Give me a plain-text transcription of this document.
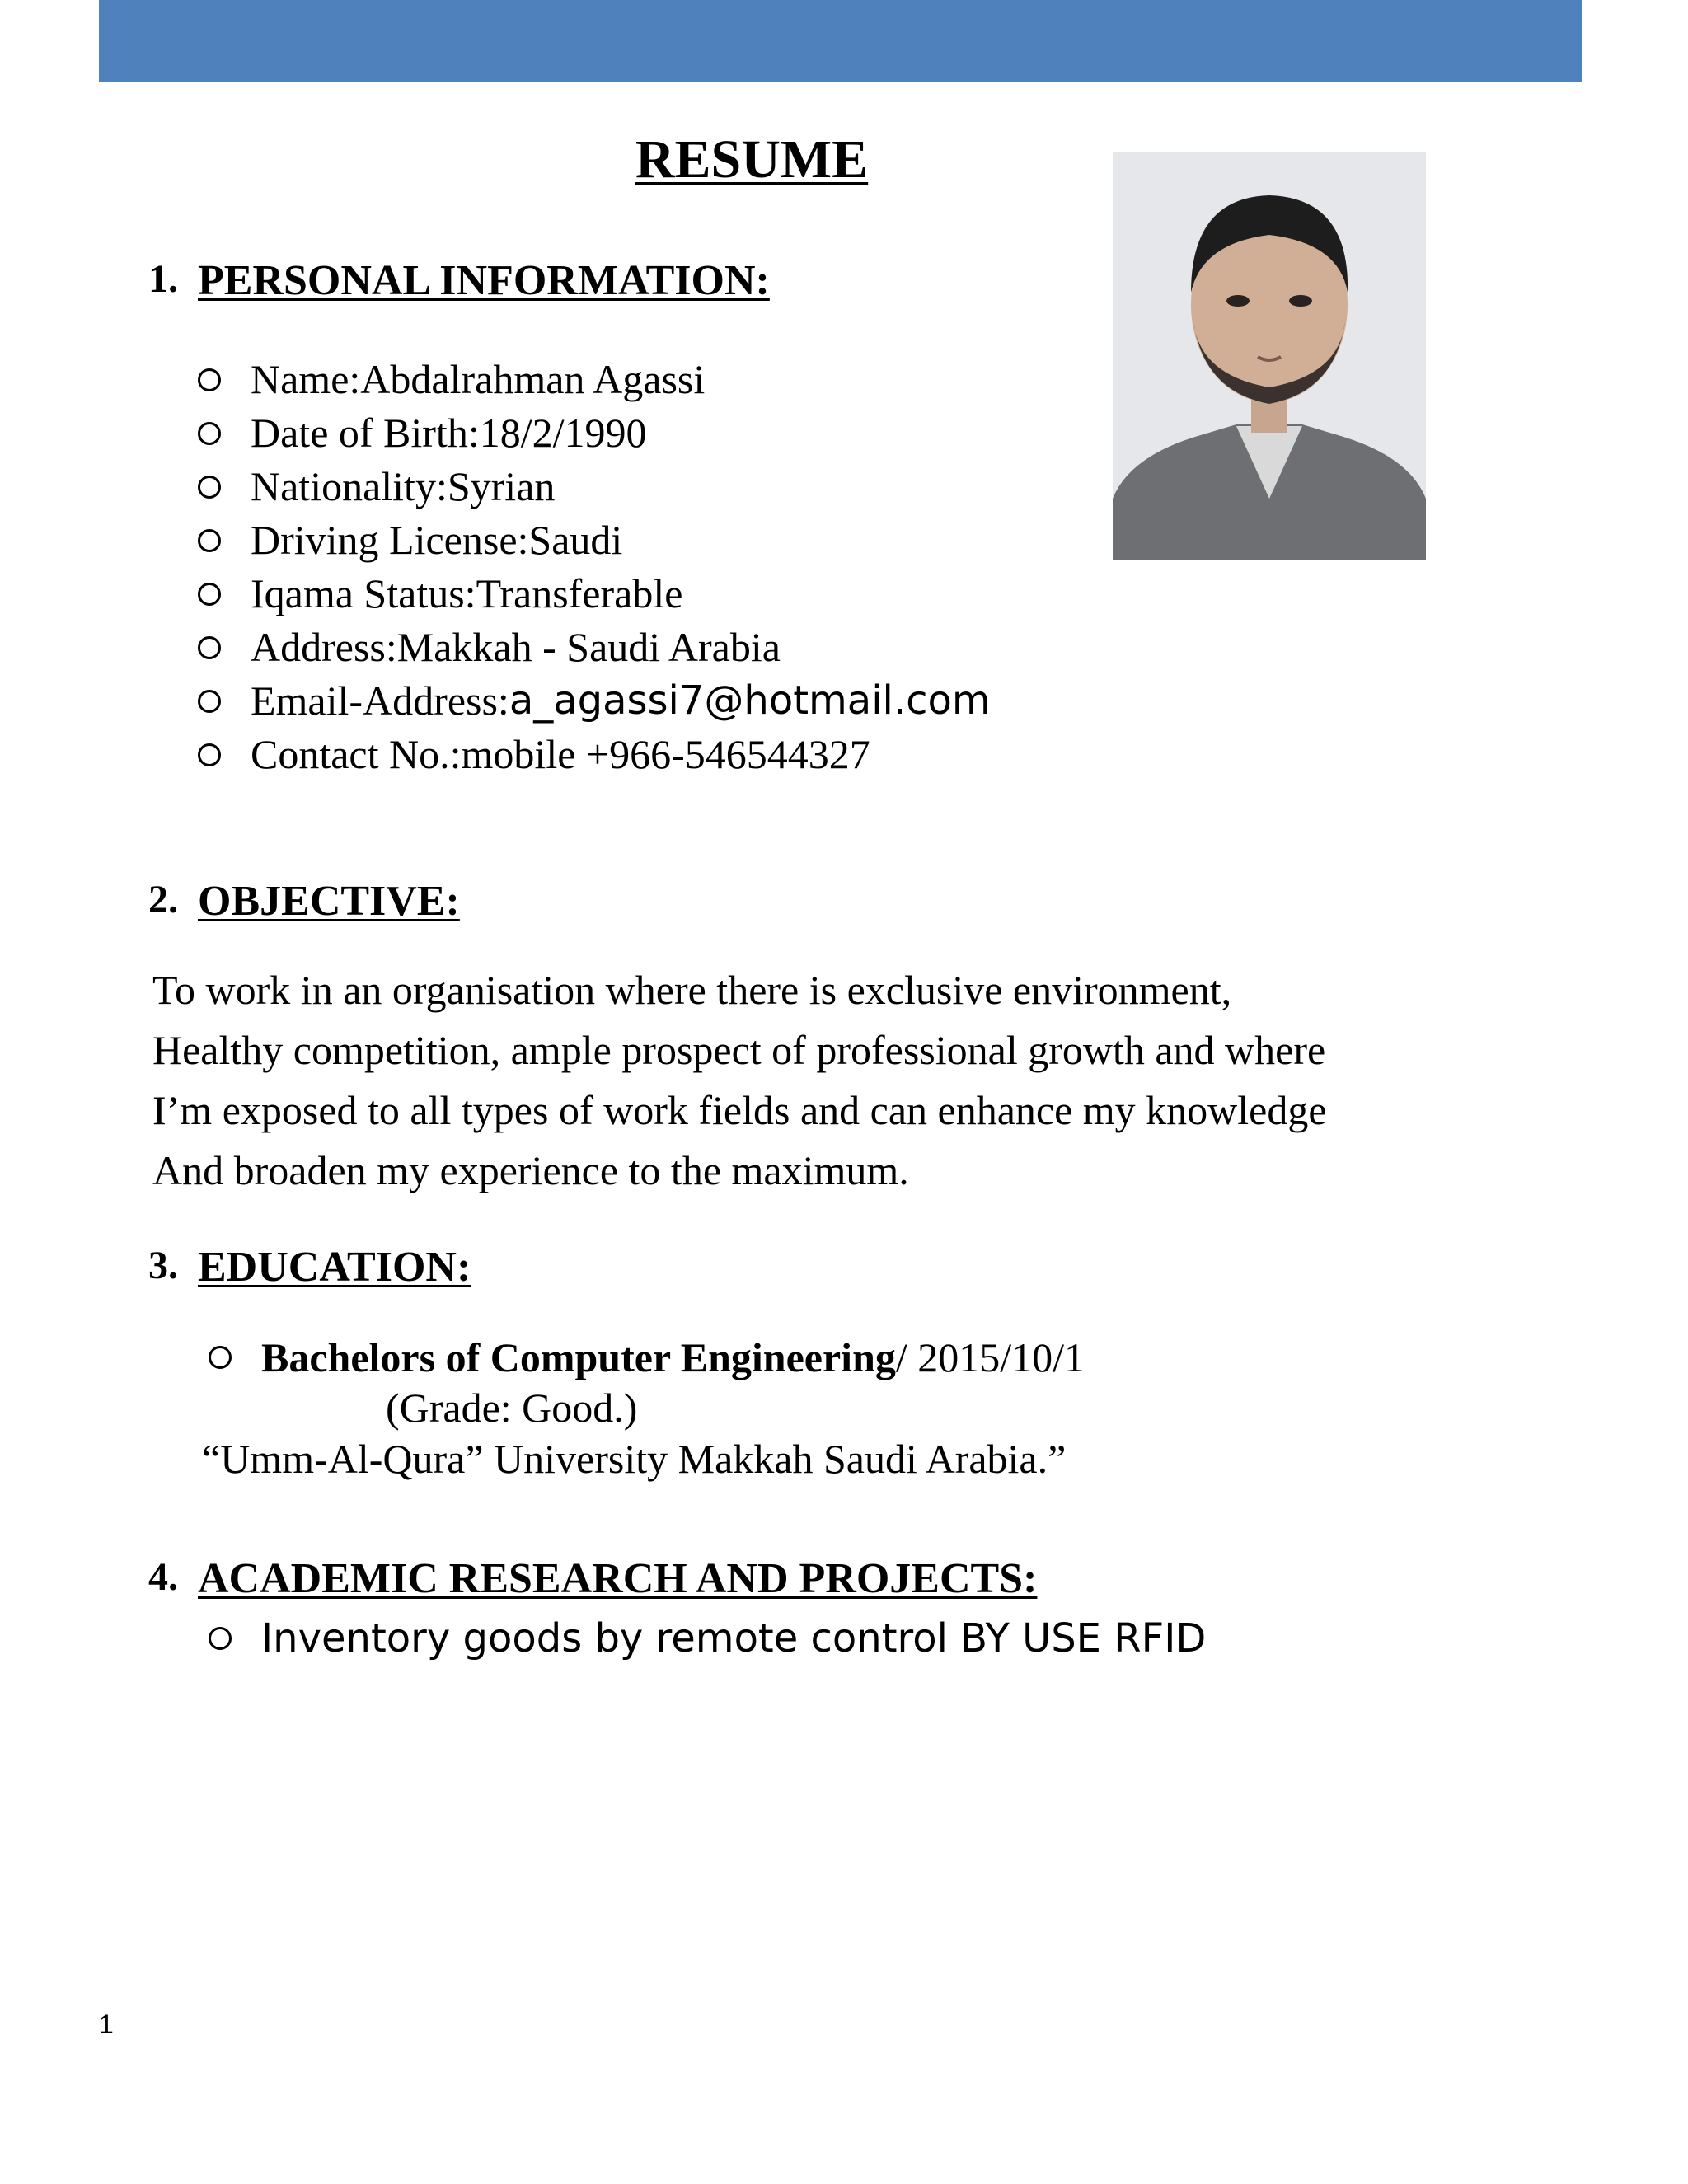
RESUME
1. PERSONAL INFORMATION:
Name: Abdalrahman Agassi
Date of Birth: 18/2/1990
Nationality: Syrian
Driving License: Saudi
Iqama Status: Transferable
Address: Makkah - Saudi Arabia
Email-Address: a_agassi7@hotmail.com
Contact No.: mobile +966-546544327
2. OBJECTIVE:
To work in an organisation where there is exclusive environment,
Healthy competition, ample prospect of professional growth and where
I’m exposed to all types of work fields and can enhance my knowledge
And broaden my experience to the maximum.
3. EDUCATION:
Bachelors of Computer Engineering / 2015/10/1
(Grade: Good.)
“Umm-Al-Qura” University Makkah Saudi Arabia.”
4. ACADEMIC RESEARCH AND PROJECTS:
Inventory goods by remote control BY USE RFID
1
